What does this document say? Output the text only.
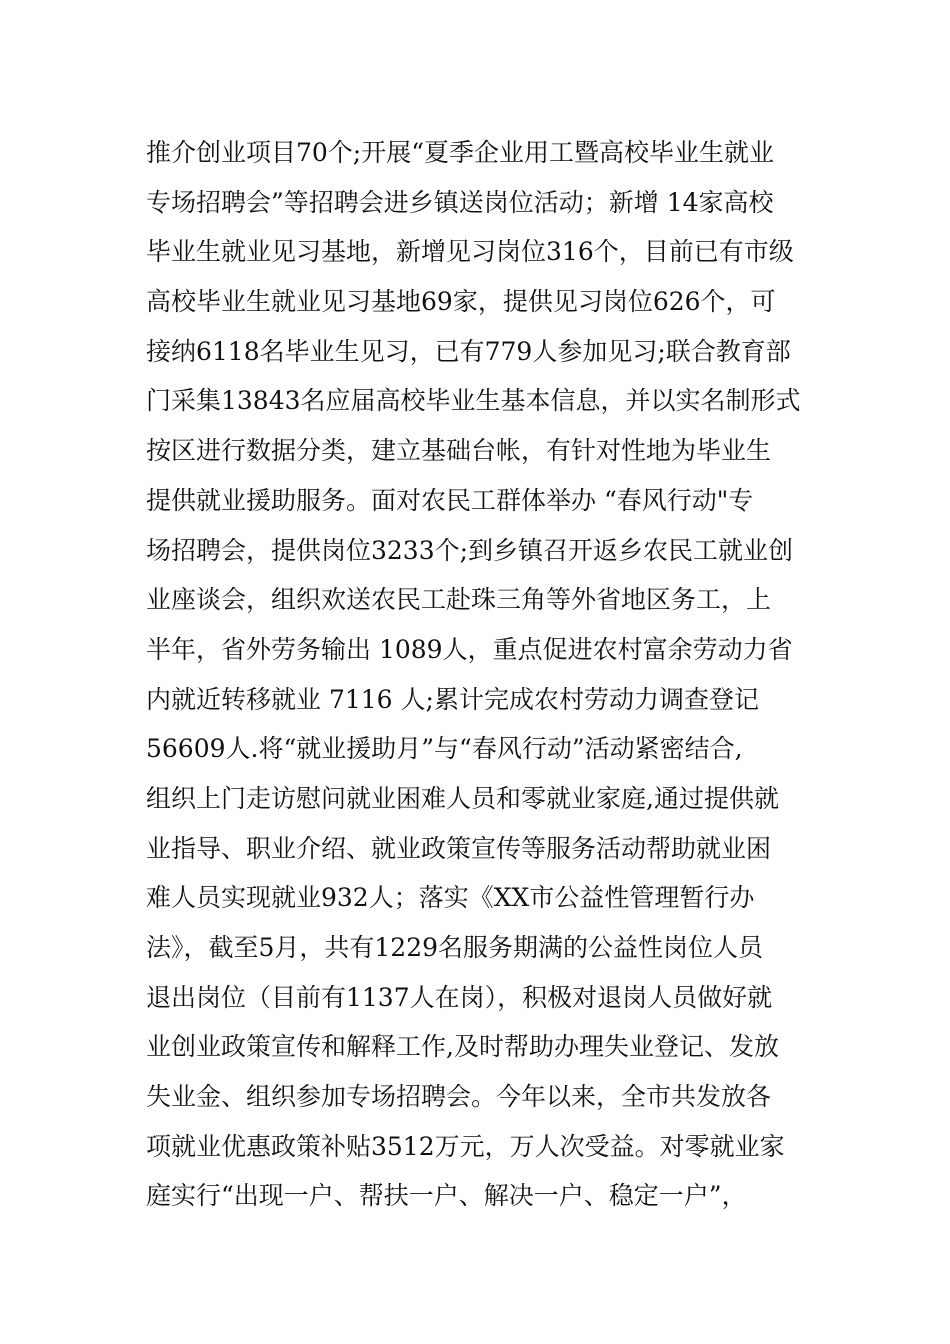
推介创业项目70个;开展“夏季企业用工暨高校毕业生就业
专场招聘会”等招聘会进乡镇送岗位活动；新增 14家高校
毕业生就业见习基地，新增见习岗位316个，目前已有市级
高校毕业生就业见习基地69家，提供见习岗位626个，可
接纳6118名毕业生见习，已有779人参加见习;联合教育部
门采集13843名应届高校毕业生基本信息，并以实名制形式
按区进行数据分类，建立基础台帐，有针对性地为毕业生
提供就业援助服务。面对农民工群体举办 “春风行动"专
场招聘会，提供岗位3233个;到乡镇召开返乡农民工就业创
业座谈会，组织欢送农民工赴珠三角等外省地区务工，上
半年，省外劳务输出 1089人，重点促进农村富余劳动力省
内就近转移就业 7116 人;累计完成农村劳动力调查登记
56609人.将“就业援助月”与“春风行动”活动紧密结合,
组织上门走访慰问就业困难人员和零就业家庭,通过提供就
业指导、职业介绍、就业政策宣传等服务活动帮助就业困
难人员实现就业932人；落实《XX市公益性管理暂行办
法》，截至5月，共有1229名服务期满的公益性岗位人员
退出岗位（目前有1137人在岗），积极对退岗人员做好就
业创业政策宣传和解释工作,及时帮助办理失业登记、发放
失业金、组织参加专场招聘会。今年以来，全市共发放各
项就业优惠政策补贴3512万元，万人次受益。对零就业家
庭实行“出现一户、帮扶一户、解决一户、稳定一户”，
